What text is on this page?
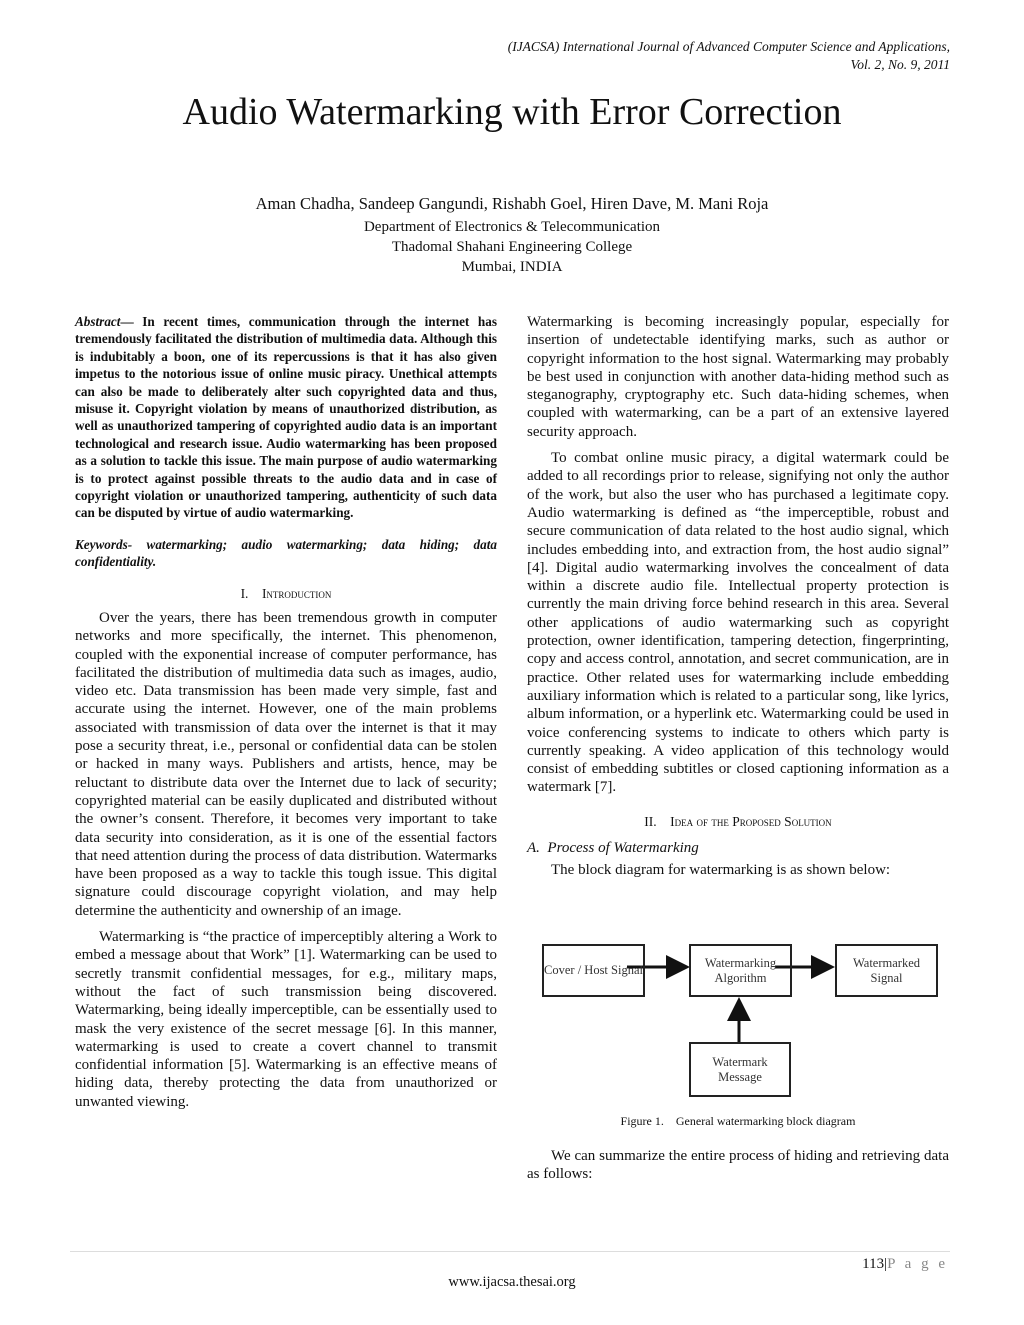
(IJACSA) International Journal of Advanced Computer Science and Applications,
Vol. 2, No. 9, 2011
Audio Watermarking with Error Correction
Aman Chadha, Sandeep Gangundi, Rishabh Goel, Hiren Dave, M. Mani Roja
Department of Electronics & Telecommunication
Thadomal Shahani Engineering College
Mumbai, INDIA

Abstract— In recent times, communication through the internet has tremendously facilitated the distribution of multimedia data. Although this is indubitably a boon, one of its repercussions is that it has also given impetus to the notorious issue of online music piracy. Unethical attempts can also be made to deliberately alter such copyrighted data and thus, misuse it. Copyright violation by means of unauthorized distribution, as well as unauthorized tampering of copyrighted audio data is an important technological and research issue. Audio watermarking has been proposed as a solution to tackle this issue. The main purpose of audio watermarking is to protect against possible threats to the audio data and in case of copyright violation or unauthorized tampering, authenticity of such data can be disputed by virtue of audio watermarking.

Keywords- watermarking; audio watermarking; data hiding; data confidentiality.

I. Introduction

Over the years, there has been tremendous growth in computer networks and more specifically, the internet. This phenomenon, coupled with the exponential increase of computer performance, has facilitated the distribution of multimedia data such as images, audio, video etc. Data transmission has been made very simple, fast and accurate using the internet. However, one of the main problems associated with transmission of data over the internet is that it may pose a security threat, i.e., personal or confidential data can be stolen or hacked in many ways. Publishers and artists, hence, may be reluctant to distribute data over the Internet due to lack of security; copyrighted material can be easily duplicated and distributed without the owner’s consent. Therefore, it becomes very important to take data security into consideration, as it is one of the essential factors that need attention during the process of data distribution. Watermarks have been proposed as a way to tackle this tough issue. This digital signature could discourage copyright violation, and may help determine the authenticity and ownership of an image.

Watermarking is “the practice of imperceptibly altering a Work to embed a message about that Work” [1]. Watermarking can be used to secretly transmit confidential messages, for e.g., military maps, without the fact of such transmission being discovered. Watermarking, being ideally imperceptible, can be essentially used to mask the very existence of the secret message [6]. In this manner, watermarking is used to create a covert channel to transmit confidential information [5]. Watermarking is an effective means of hiding data, thereby protecting the data from unauthorized or unwanted viewing.

Watermarking is becoming increasingly popular, especially for insertion of undetectable identifying marks, such as author or copyright information to the host signal. Watermarking may probably be best used in conjunction with another data-hiding method such as steganography, cryptography etc. Such data-hiding schemes, when coupled with watermarking, can be a part of an extensive layered security approach.

To combat online music piracy, a digital watermark could be added to all recordings prior to release, signifying not only the author of the work, but also the user who has purchased a legitimate copy. Audio watermarking is defined as “the imperceptible, robust and secure communication of data related to the host audio signal, which includes embedding into, and extraction from, the host audio signal” [4]. Digital audio watermarking involves the concealment of data within a discrete audio file. Intellectual property protection is currently the main driving force behind research in this area. Several other applications of audio watermarking such as copyright protection, owner identification, tampering detection, fingerprinting, copy and access control, annotation, and secret communication, are in practice. Other related uses for watermarking include embedding auxiliary information which is related to a particular song, like lyrics, album information, or a hyperlink etc. Watermarking could be used in voice conferencing systems to indicate to others which party is currently speaking. A video application of this technology would consist of embedding subtitles or closed captioning information as a watermark [7].

II. Idea of the Proposed Solution
A. Process of Watermarking

The block diagram for watermarking is as shown below:

Cover / Host Signal
Watermarking Algorithm
Watermarked Signal
Watermark Message
Figure 1. General watermarking block diagram

We can summarize the entire process of hiding and retrieving data as follows:

113|P a g e
www.ijacsa.thesai.org
